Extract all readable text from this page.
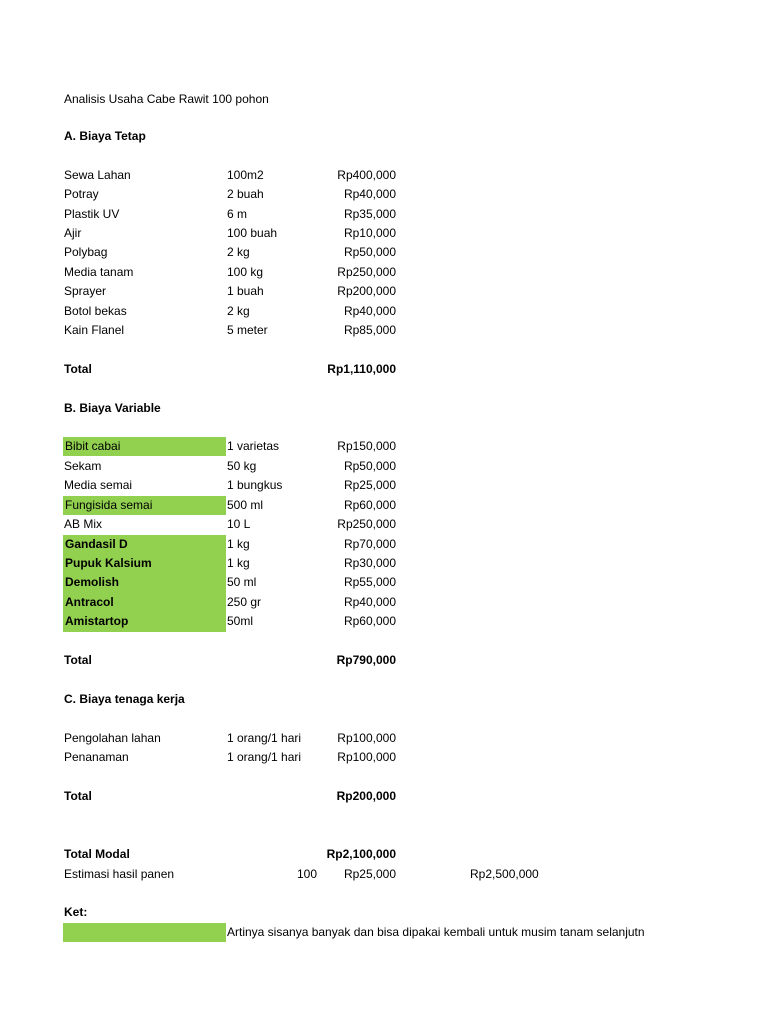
Analisis Usaha Cabe Rawit 100 pohon
A. Biaya Tetap
Sewa Lahan	100m2	Rp400,000
Potray	2 buah	Rp40,000
Plastik UV	6 m	Rp35,000
Ajir	100 buah	Rp10,000
Polybag	2 kg	Rp50,000
Media tanam	100 kg	Rp250,000
Sprayer	1 buah	Rp200,000
Botol bekas	2 kg	Rp40,000
Kain Flanel	5 meter	Rp85,000
Total	Rp1,110,000
B. Biaya Variable
Bibit cabai	1 varietas	Rp150,000
Sekam	50 kg	Rp50,000
Media semai	1 bungkus	Rp25,000
Fungisida semai	500 ml	Rp60,000
AB Mix	10 L	Rp250,000
Gandasil D	1 kg	Rp70,000
Pupuk Kalsium	1 kg	Rp30,000
Demolish	50 ml	Rp55,000
Antracol	250 gr	Rp40,000
Amistartop	50ml	Rp60,000
Total	Rp790,000
C. Biaya tenaga kerja
Pengolahan lahan	1 orang/1 hari	Rp100,000
Penanaman	1 orang/1 hari	Rp100,000
Total	Rp200,000
Total Modal	Rp2,100,000
Estimasi hasil panen	100	Rp25,000	Rp2,500,000
Ket:
Artinya sisanya banyak dan bisa dipakai kembali untuk musim tanam selanjutn
